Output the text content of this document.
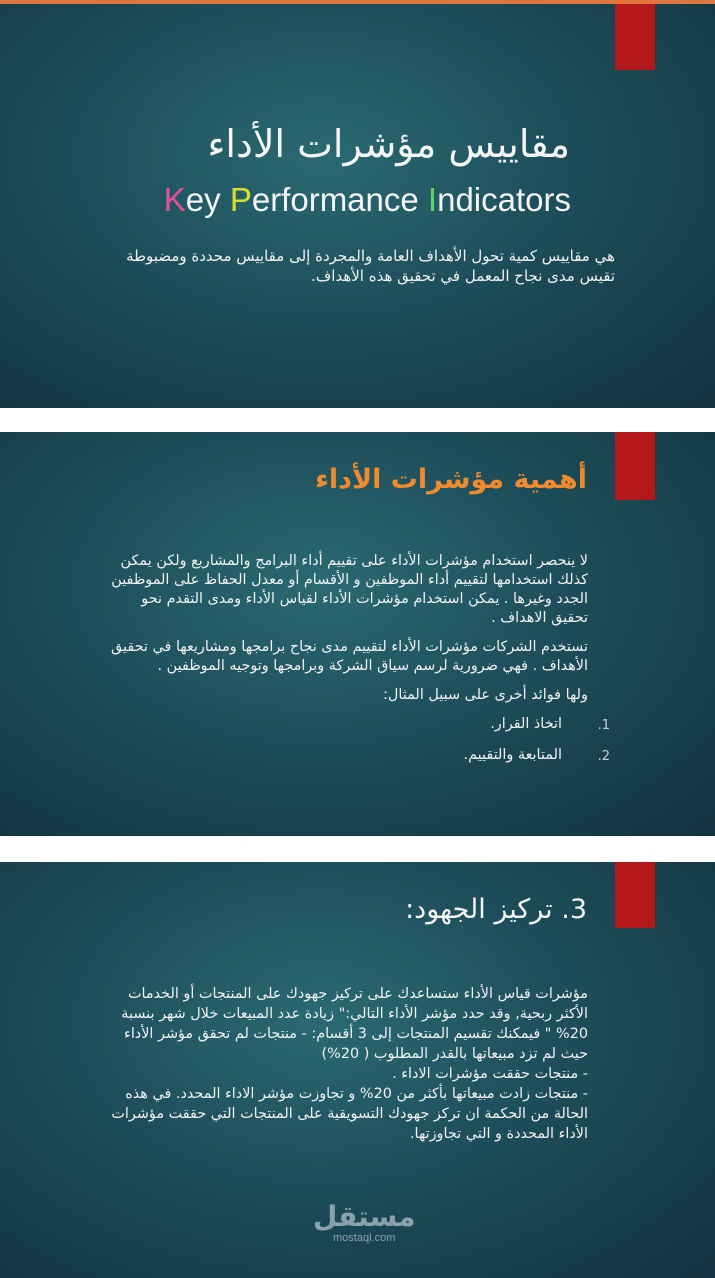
مقاييس مؤشرات الأداء
Key Performance Indicators
هي مقاييس كمية تحول الأهداف العامة والمجردة إلى مقاييس محددة ومضبوطة تقيس مدى نجاح المعمل في تحقيق هذه الأهداف.
أهمية مؤشرات الأداء
لا ينحصر استخدام مؤشرات الأداء على تقييم أداء البرامج والمشاريع ولكن يمكن كذلك استخدامها لتقييم أداء الموظفين و الأقسام أو معدل الحفاظ على الموظفين الجدد وغيرها . يمكن استخدام مؤشرات الأداء لقياس الأداء ومدى التقدم نحو تحقيق الاهداف .
تستخدم الشركات مؤشرات الأداء لتقييم مدى نجاح برامجها ومشاريعها في تحقيق الأهداف . فهي ضرورية لرسم سياق الشركة وبرامجها وتوجيه الموظفين .
ولها فوائد أخرى على سبيل المثال:
1.
اتخاذ القرار.
2.
المتابعة والتقييم.
3. تركيز الجهود:
مؤشرات قياس الأداء ستساعدك على تركيز جهودك على المنتجات أو الخدمات الأكثر ربحية, وقد حدد مؤشر الأداء التالي:" زيادة عدد المبيعات خلال شهر بنسبة 20% " فيمكنك تقسيم المنتجات إلى 3 أقسام: - منتجات لم تحقق مؤشر الأداء حيث لم تزد مبيعاتها بالقدر المطلوب ( 20%)
- منتجات حققت مؤشرات الاداء .
- منتجات زادت مبيعاتها بأكثر من 20% و تجاوزت مؤشر الاداء المحدد. في هذه الحالة من الحكمة ان تركز جهودك التسويقية على المنتجات التي حققت مؤشرات الأداء المحددة و التي تجاوزتها.
مستقل
mostaql.com
